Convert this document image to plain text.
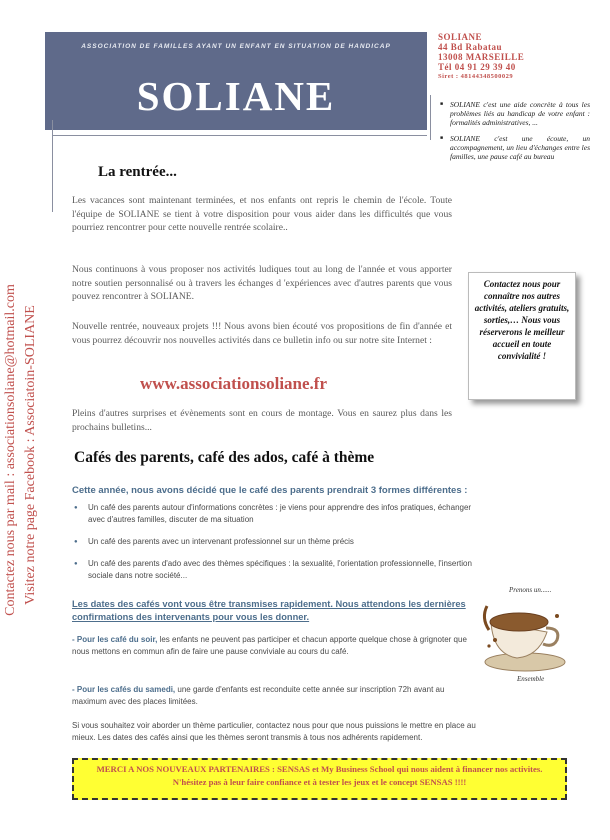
ASSOCIATION DE FAMILLES AYANT UN ENFANT EN SITUATION DE HANDICAP
SOLIANE
SOLIANE
44 Bd Rabatau
13008 MARSEILLE
Tél 04 91 29 39 40
Siret : 48144348500029
■ SOLIANE c'est une aide concrète à tous les problèmes liés au handicap de votre enfant : formalités administratives, ...
■ SOLIANE c'est une écoute, un accompagnement, un lieu d'échanges entre les familles, une pause café au bureau
Contactez nous pour connaître nos autres activités, ateliers gratuits, sorties,… Nous vous réserverons le meilleur accueil en toute convivialité !
Contactez nous par mail : associationsoliane@hotmail.com Visitez notre page Facebook : Associatoin-SOLIANE
La rentrée...

Les vacances sont maintenant terminées, et nos enfants ont repris le chemin de l'école. Toute l'équipe de SOLIANE se tient à votre disposition pour vous aider dans les difficultés que vous pourriez rencontrer pour cette nouvelle rentrée scolaire..

Nous continuons à vous proposer nos activités ludiques tout au long de l'année et vous apporter notre soutien personnalisé ou à travers les échanges d 'expériences avec d'autres parents que vous pouvez rencontrer à SOLIANE.

Nouvelle rentrée, nouveaux projets !!! Nous avons bien écouté vos propositions de fin d'année et vous pourrez découvrir nos nouvelles activités dans ce bulletin info ou sur notre site Internet :

www.associationsoliane.fr

Pleins d'autres surprises et évènements sont en cours de montage. Vous en saurez plus dans les prochains bulletins...

Cafés des parents, café des ados, café à thème
Cette année, nous avons décidé que le café des parents prendrait 3 formes différentes :
● Un café des parents autour d'informations concrètes : je viens pour apprendre des infos pratiques, échanger avec d'autres familles, discuter de ma situation
● Un café des parents avec un intervenant professionnel sur un thème précis
● Un café des parents d'ado avec des thèmes spécifiques : la sexualité, l'orientation professionnelle, l'insertion sociale dans notre société...
Les dates des cafés vont vous être transmises rapidement. Nous attendons les dernières confirmations des intervenants pour vous les donner.

- Pour les café du soir, les enfants ne peuvent pas participer et chacun apporte quelque chose à grignoter que nous mettons en commun afin de faire une pause conviviale au cours du café.

- Pour les cafés du samedi, une garde d'enfants est reconduite cette année sur inscription 72h avant au maximum avec des places limitées.

Si vous souhaitez voir aborder un thème particulier, contactez nous pour que nous puissions le mettre en place au mieux. Les dates des cafés ainsi que les thèmes seront transmis à tous nos adhérents rapidement.

Prenons un......
Ensemble
MERCI A NOS NOUVEAUX PARTENAIRES : SENSAS et My Business School qui nous aident à financer nos activites. N'hésitez pas à leur faire confiance et à tester les jeux et le concept SENSAS !!!!
